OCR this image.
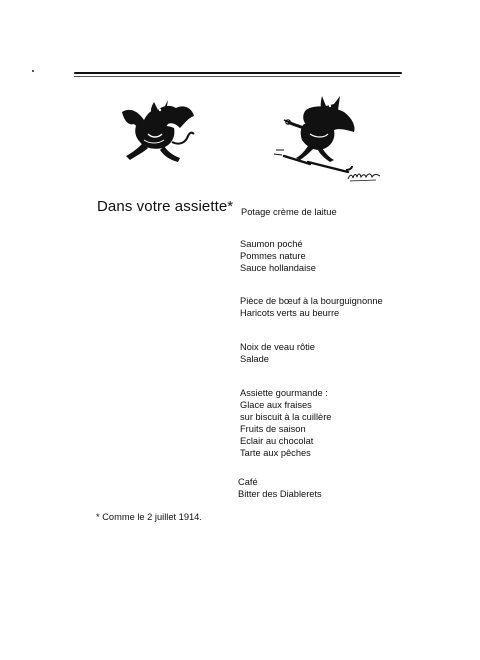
Dans votre assiette* Potage crème de laitue
Saumon poché
Pommes nature
Sauce hollandaise
Pièce de bœuf à la bourguignonne
Haricots verts au beurre
Noix de veau rôtie
Salade
Assiette gourmande :
Glace aux fraises
sur biscuit à la cuillère
Fruits de saison
Eclair au chocolat
Tarte aux pêches
Café
Bitter des Diablerets
* Comme le 2 juillet 1914.
